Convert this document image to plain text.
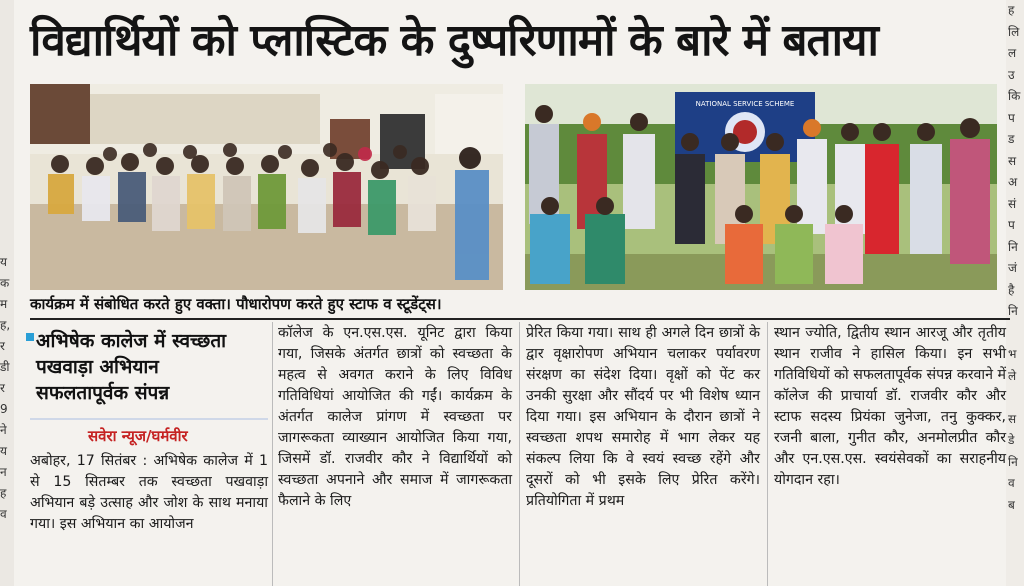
य
क
म
ह,
र
डी
र
9
ने
य
न
ह
व
ह
लि
ल
उ
कि
प
ड
स
अ
सं
प
नि
जं
है
नि

भ
ले

स
डे
नि
व
ब
विद्यार्थियों को प्लास्टिक के दुष्परिणामों के बारे में बताया
NATIONAL SERVICE SCHEME
कार्यक्रम में संबोधित करते हुए वक्ता। पौधारोपण करते हुए स्टाफ व स्टूडेंट्स।
अभिषेक कालेज में स्वच्छता पखवाड़ा अभियान सफलतापूर्वक संपन्न
सवेरा न्यूज/घर्मवीर

अबोहर, 17 सितंबर : अभिषेक कालेज में 1 से 15 सितम्बर तक स्वच्छता पखवाड़ा अभियान बड़े उत्साह और जोश के साथ मनाया गया। इस अभियान का आयोजन

कॉलेज के एन.एस.एस. यूनिट द्वारा किया गया, जिसके अंतर्गत छात्रों को स्वच्छता के महत्व से अवगत कराने के लिए विविध गतिविधियां आयोजित की गईं। कार्यक्रम के अंतर्गत कालेज प्रांगण में स्वच्छता पर जागरूकता व्याख्यान आयोजित किया गया, जिसमें डॉ. राजवीर कौर ने विद्यार्थियों को स्वच्छता अपनाने और समाज में जागरूकता फैलाने के लिए

प्रेरित किया गया। साथ ही अगले दिन छात्रों के द्वार वृक्षारोपण अभियान चलाकर पर्यावरण संरक्षण का संदेश दिया। वृक्षों को पेंट कर उनकी सुरक्षा और सौंदर्य पर भी विशेष ध्यान दिया गया। इस अभियान के दौरान छात्रों ने स्वच्छता शपथ समारोह में भाग लेकर यह संकल्प लिया कि वे स्वयं स्वच्छ रहेंगे और दूसरों को भी इसके लिए प्रेरित करेंगे। प्रतियोगिता में प्रथम

स्थान ज्योति, द्वितीय स्थान आरजू और तृतीय स्थान राजीव ने हासिल किया। इन सभी गतिविधियों को सफलतापूर्वक संपन्न करवाने में कॉलेज की प्राचार्या डॉ. राजवीर कौर और स्टाफ सदस्य प्रियंका जुनेजा, तनु कुक्कर, रजनी बाला, गुनीत कौर, अनमोलप्रीत कौर और एन.एस.एस. स्वयंसेवकों का सराहनीय योगदान रहा।
